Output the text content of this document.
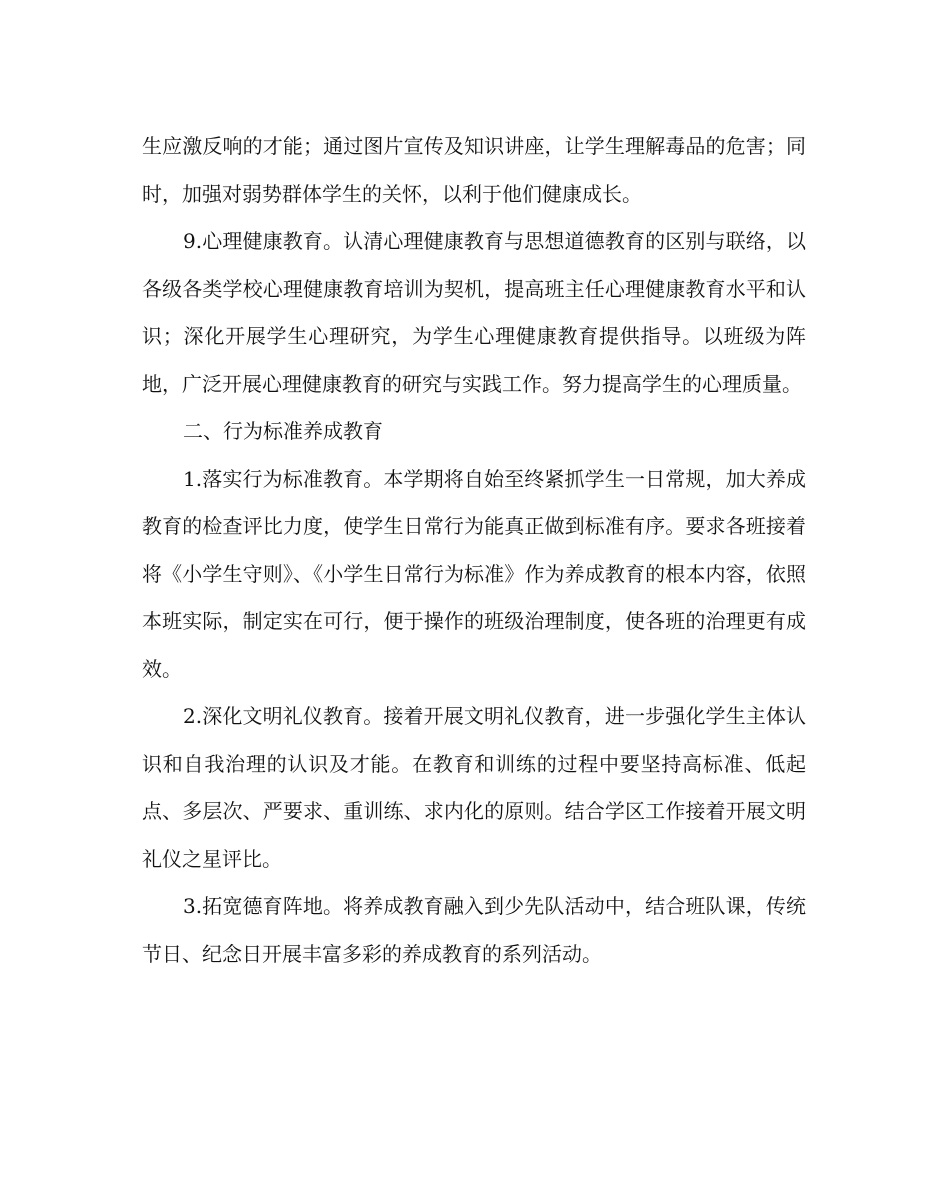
生应激反响的才能；通过图片宣传及知识讲座，让学生理解毒品的危害；同时，加强对弱势群体学生的关怀，以利于他们健康成长。

9.心理健康教育。认清心理健康教育与思想道德教育的区别与联络，以各级各类学校心理健康教育培训为契机，提高班主任心理健康教育水平和认识；深化开展学生心理研究，为学生心理健康教育提供指导。以班级为阵地，广泛开展心理健康教育的研究与实践工作。努力提高学生的心理质量。

二、行为标准养成教育

1.落实行为标准教育。本学期将自始至终紧抓学生一日常规，加大养成教育的检查评比力度，使学生日常行为能真正做到标准有序。要求各班接着将《小学生守则》、《小学生日常行为标准》作为养成教育的根本内容，依照本班实际，制定实在可行，便于操作的班级治理制度，使各班的治理更有成效。

2.深化文明礼仪教育。接着开展文明礼仪教育，进一步强化学生主体认识和自我治理的认识及才能。在教育和训练的过程中要坚持高标准、低起点、多层次、严要求、重训练、求内化的原则。结合学区工作接着开展文明礼仪之星评比。

3.拓宽德育阵地。将养成教育融入到少先队活动中，结合班队课，传统节日、纪念日开展丰富多彩的养成教育的系列活动。
